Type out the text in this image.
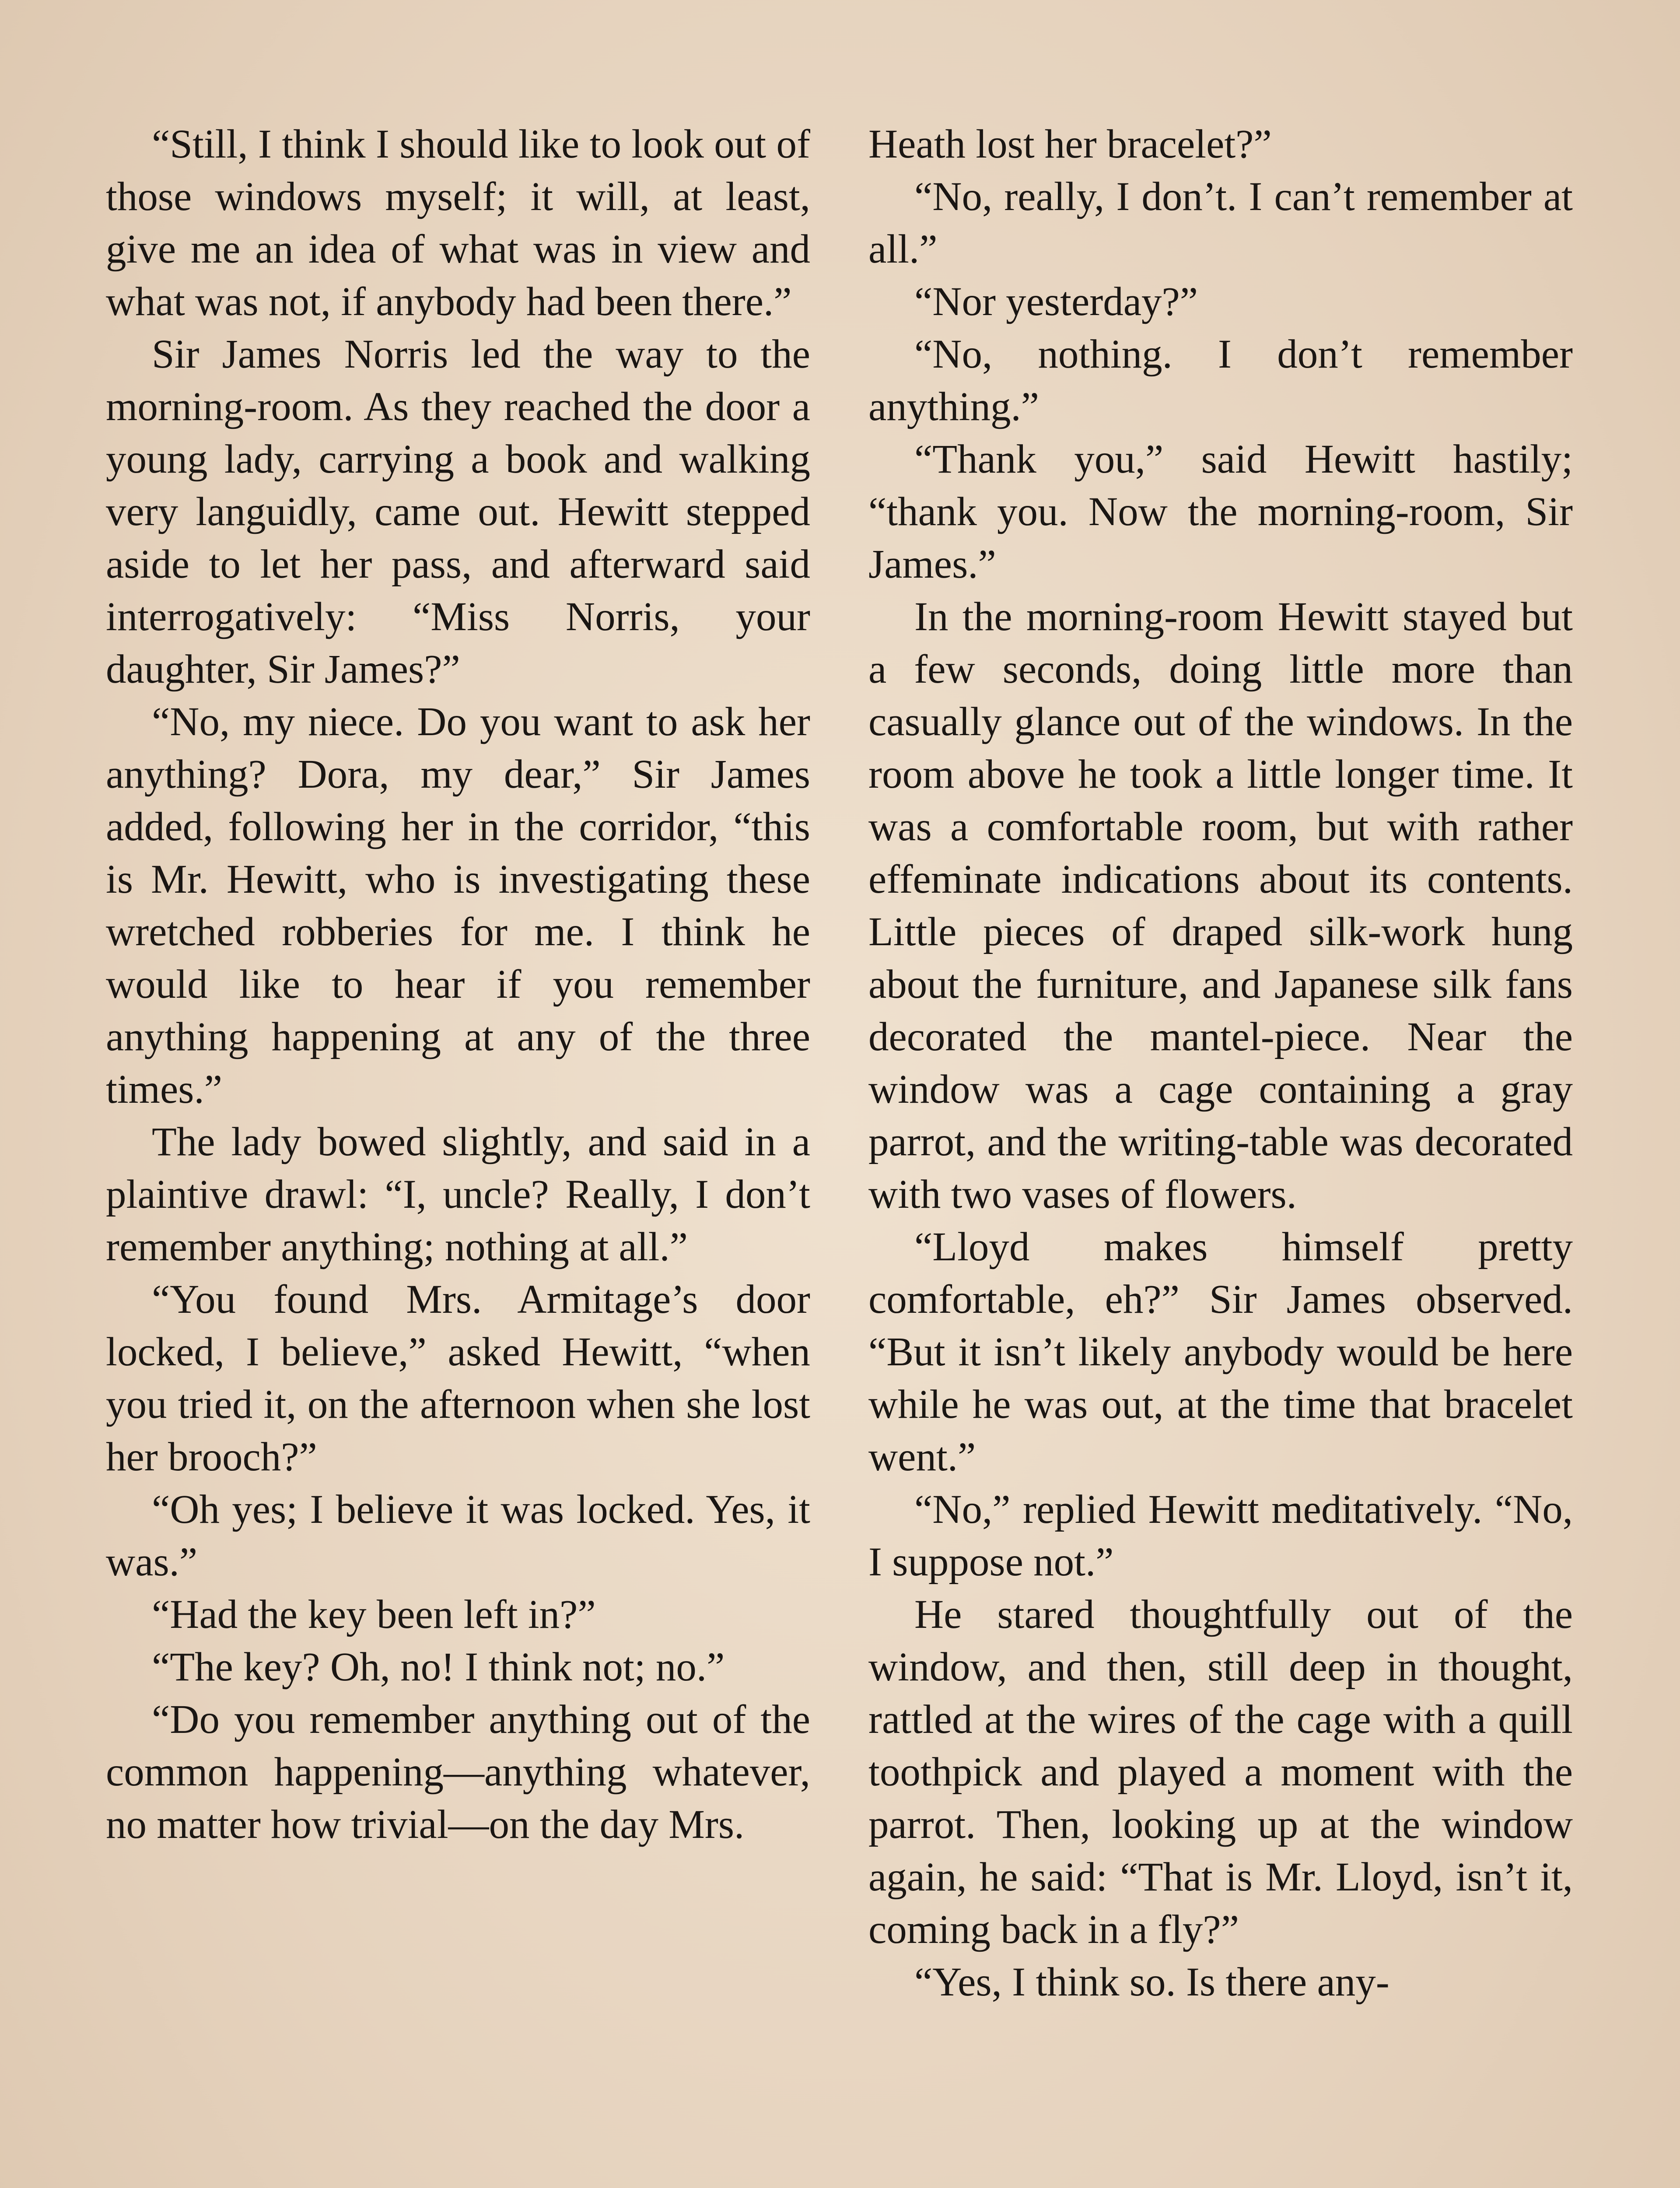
“Still, I think I should like to look out of those windows myself; it will, at least, give me an idea of what was in view and what was not, if anybody had been there.”

Sir James Norris led the way to the morning-room. As they reached the door a young lady, carrying a book and walking very languidly, came out. Hewitt stepped aside to let her pass, and afterward said interrogatively: “Miss Norris, your daughter, Sir James?”

“No, my niece. Do you want to ask her anything? Dora, my dear,” Sir James added, following her in the corridor, “this is Mr. Hewitt, who is investigating these wretched robberies for me. I think he would like to hear if you remember anything happening at any of the three times.”

The lady bowed slightly, and said in a plaintive drawl: “I, uncle? Really, I don’t remember anything; nothing at all.”

“You found Mrs. Armitage’s door locked, I believe,” asked Hewitt, “when you tried it, on the afternoon when she lost her brooch?”

“Oh yes; I believe it was locked. Yes, it was.”

“Had the key been left in?”

“The key? Oh, no! I think not; no.”

“Do you remember anything out of the common happening—anything whatever, no matter how trivial—on the day Mrs.

Heath lost her bracelet?”

“No, really, I don’t. I can’t remember at all.”

“Nor yesterday?”

“No, nothing. I don’t remember anything.”

“Thank you,” said Hewitt hastily; “thank you. Now the morning-room, Sir James.”

In the morning-room Hewitt stayed but a few seconds, doing little more than casually glance out of the windows. In the room above he took a little longer time. It was a comfortable room, but with rather effeminate indications about its contents. Little pieces of draped silk-work hung about the furniture, and Japanese silk fans decorated the mantel-piece. Near the window was a cage containing a gray parrot, and the writing-table was decorated with two vases of flowers.

“Lloyd makes himself pretty comfortable, eh?” Sir James observed. “But it isn’t likely anybody would be here while he was out, at the time that bracelet went.”

“No,” replied Hewitt meditatively. “No, I suppose not.”

He stared thoughtfully out of the window, and then, still deep in thought, rattled at the wires of the cage with a quill toothpick and played a moment with the parrot. Then, looking up at the window again, he said: “That is Mr. Lloyd, isn’t it, coming back in a fly?”

“Yes, I think so. Is there any-
